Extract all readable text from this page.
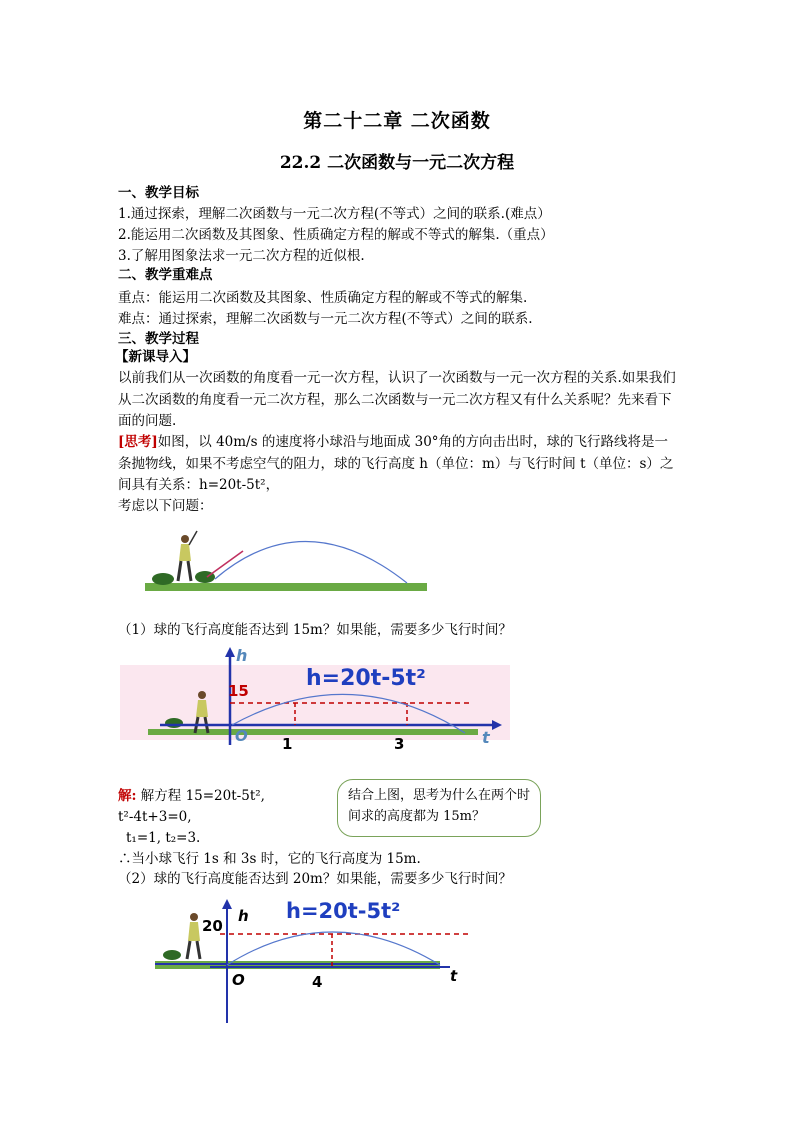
第二十二章 二次函数
22.2 二次函数与一元二次方程
一、教学目标
1.通过探索，理解二次函数与一元二次方程(不等式）之间的联系.(难点）
2.能运用二次函数及其图象、性质确定方程的解或不等式的解集.（重点）
3.了解用图象法求一元二次方程的近似根.
二、教学重难点
重点：能运用二次函数及其图象、性质确定方程的解或不等式的解集.
难点：通过探索，理解二次函数与一元二次方程(不等式）之间的联系.
三、教学过程
【新课导入】
以前我们从一次函数的角度看一元一次方程，认识了一次函数与一元一次方程的关系.如果我们从二次函数的角度看一元二次方程，那么二次函数与一元二次方程又有什么关系呢？先来看下面的问题.
[思考]如图，以 40m/s 的速度将小球沿与地面成 30°角的方向击出时，球的飞行路线将是一条抛物线，如果不考虑空气的阻力，球的飞行高度 h（单位：m）与飞行时间 t（单位：s）之间具有关系：h=20t-5t²，
考虑以下问题：
（1）球的飞行高度能否达到 15m？如果能，需要多少飞行时间？
h
h=20t-5t²
15
O 1	3	t
解: 解方程 15=20t-5t²,
t²-4t+3=0,
t₁=1, t₂=3.
∴当小球飞行 1s 和 3s 时，它的飞行高度为 15m.
结合上图，思考为什么在两个时间求的高度都为 15m？
（2）球的飞行高度能否达到 20m？如果能，需要多少飞行时间？
h h=20t-5t²
20
O	4	t
